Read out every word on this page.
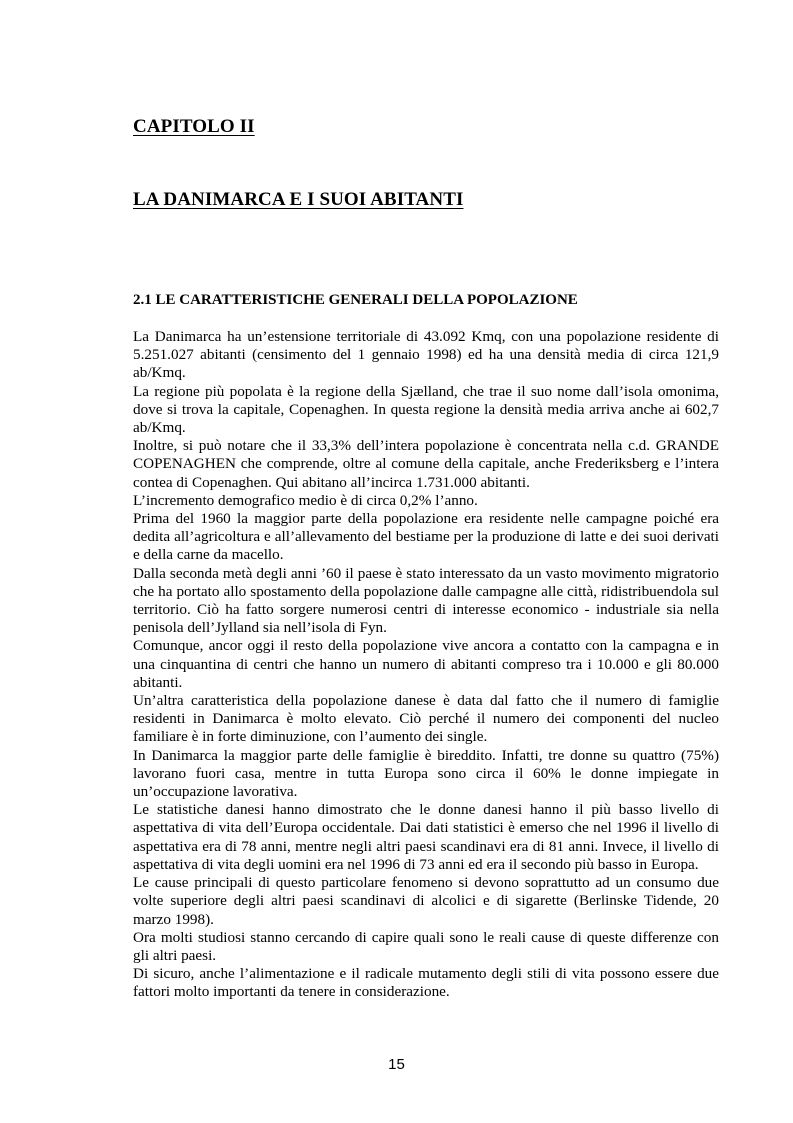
CAPITOLO II
LA DANIMARCA E I SUOI ABITANTI
2.1 LE CARATTERISTICHE GENERALI DELLA POPOLAZIONE

La Danimarca ha un’estensione territoriale di 43.092 Kmq, con una popolazione residente di 5.251.027 abitanti (censimento del 1 gennaio 1998) ed ha una densità media di circa 121,9 ab/Kmq.

La regione più popolata è la regione della Sjælland, che trae il suo nome dall’isola omonima, dove si trova la capitale, Copenaghen. In questa regione la densità media arriva anche ai 602,7 ab/Kmq.

Inoltre, si può notare che il 33,3% dell’intera popolazione è concentrata nella c.d. GRANDE COPENAGHEN che comprende, oltre al comune della capitale, anche Frederiksberg e l’intera contea di Copenaghen. Qui abitano all’incirca 1.731.000 abitanti.

L’incremento demografico medio è di circa 0,2% l’anno.

Prima del 1960 la maggior parte della popolazione era residente nelle campagne poiché era dedita all’agricoltura e all’allevamento del bestiame per la produzione di latte e dei suoi derivati e della carne da macello.

Dalla seconda metà degli anni ’60 il paese è stato interessato da un vasto movimento migratorio che ha portato allo spostamento della popolazione dalle campagne alle città, ridistribuendola sul territorio. Ciò ha fatto sorgere numerosi centri di interesse economico - industriale sia nella penisola dell’Jylland sia nell’isola di Fyn.

Comunque, ancor oggi il resto della popolazione vive ancora a contatto con la campagna e in una cinquantina di centri che hanno un numero di abitanti compreso tra i 10.000 e gli 80.000 abitanti.

Un’altra caratteristica della popolazione danese è data dal fatto che il numero di famiglie residenti in Danimarca è molto elevato. Ciò perché il numero dei componenti del nucleo familiare è in forte diminuzione, con l’aumento dei single.

In Danimarca la maggior parte delle famiglie è bireddito. Infatti, tre donne su quattro (75%) lavorano fuori casa, mentre in tutta Europa sono circa il 60% le donne impiegate in un’occupazione lavorativa.

Le statistiche danesi hanno dimostrato che le donne danesi hanno il più basso livello di aspettativa di vita dell’Europa occidentale. Dai dati statistici è emerso che nel 1996 il livello di aspettativa era di 78 anni, mentre negli altri paesi scandinavi era di 81 anni. Invece, il livello di aspettativa di vita degli uomini era nel 1996 di 73 anni ed era il secondo più basso in Europa.

Le cause principali di questo particolare fenomeno si devono soprattutto ad un consumo due volte superiore degli altri paesi scandinavi di alcolici e di sigarette (Berlinske Tidende, 20 marzo 1998).

Ora molti studiosi stanno cercando di capire quali sono le reali cause di queste differenze con gli altri paesi.

Di sicuro, anche l’alimentazione e il radicale mutamento degli stili di vita possono essere due fattori molto importanti da tenere in considerazione.

15
